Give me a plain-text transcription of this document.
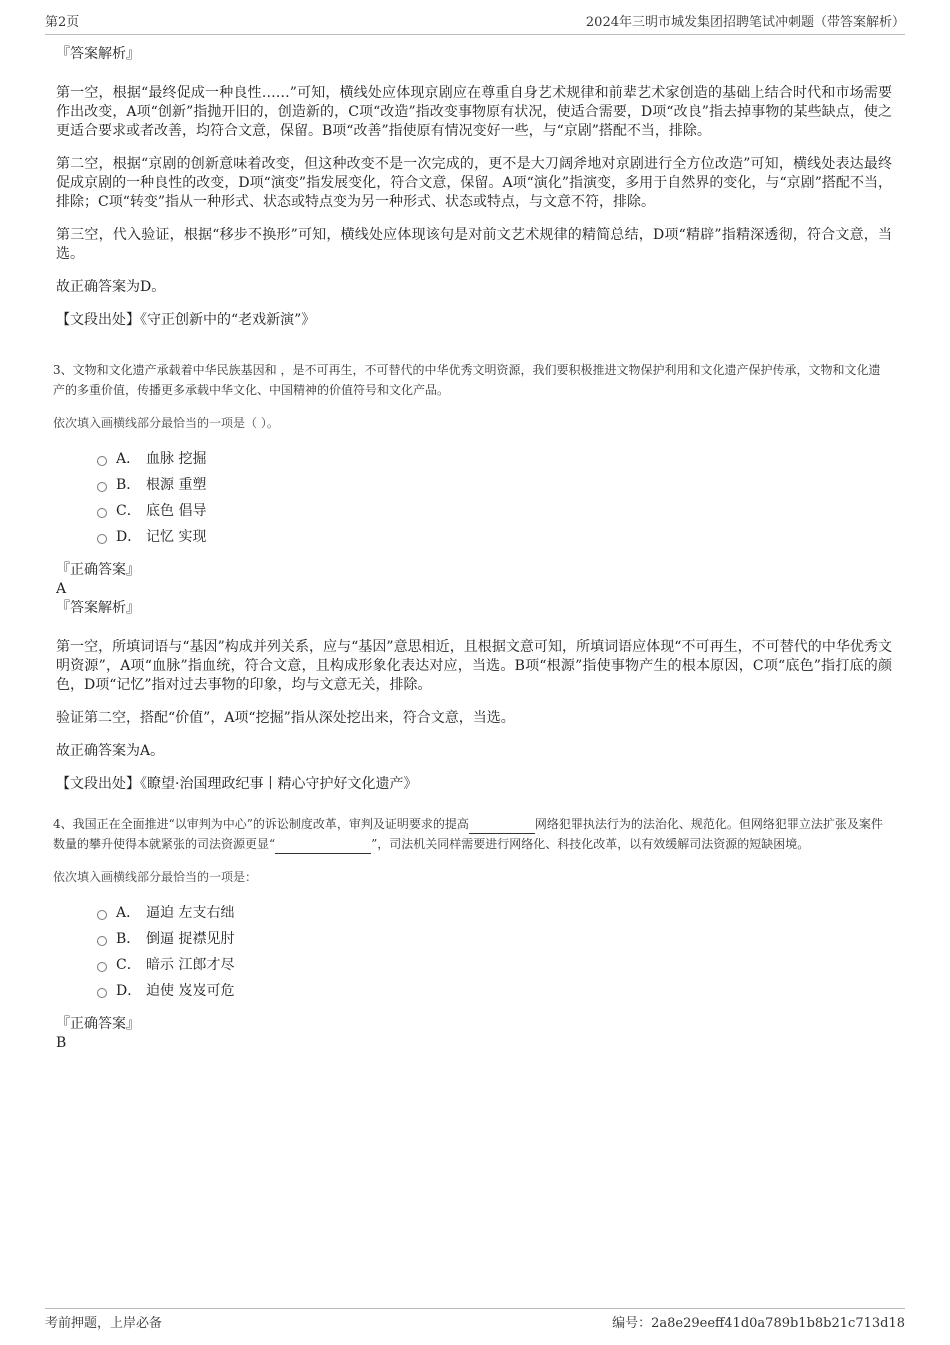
第2页	2024年三明市城发集团招聘笔试冲刺题（带答案解析）

『答案解析』

第一空，根据“最终促成一种良性……”可知，横线处应体现京剧应在尊重自身艺术规律和前辈艺术家创造的基础上结合时代和市场需要作出改变，A项“创新”指抛开旧的，创造新的，C项“改造”指改变事物原有状况，使适合需要，D项“改良”指去掉事物的某些缺点，使之更适合要求或者改善，均符合文意，保留。B项“改善”指使原有情况变好一些，与“京剧”搭配不当，排除。

第二空，根据“京剧的创新意味着改变，但这种改变不是一次完成的，更不是大刀阔斧地对京剧进行全方位改造”可知，横线处表达最终促成京剧的一种良性的改变，D项“演变”指发展变化，符合文意，保留。A项“演化”指演变，多用于自然界的变化，与“京剧”搭配不当，排除；C项“转变”指从一种形式、状态或特点变为另一种形式、状态或特点，与文意不符，排除。

第三空，代入验证，根据“移步不换形”可知，横线处应体现该句是对前文艺术规律的精简总结，D项“精辟”指精深透彻，符合文意，当选。

故正确答案为D。

【文段出处】《守正创新中的“老戏新演”》

3、文物和文化遗产承载着中华民族基因和 ，是不可再生，不可替代的中华优秀文明资源，我们要积极推进文物保护利用和文化遗产保护传承，文物和文化遗产的多重价值，传播更多承载中华文化、中国精神的价值符号和文化产品。

依次填入画横线部分最恰当的一项是（ ）。

A． 血脉 挖掘
B． 根源 重塑
C． 底色 倡导
D． 记忆 实现

『正确答案』

A

『答案解析』

第一空，所填词语与“基因”构成并列关系，应与“基因”意思相近，且根据文意可知，所填词语应体现“不可再生，不可替代的中华优秀文明资源”，A项“血脉”指血统，符合文意，且构成形象化表达对应，当选。B项“根源”指使事物产生的根本原因，C项“底色”指打底的颜色，D项“记忆”指对过去事物的印象，均与文意无关，排除。

验证第二空，搭配“价值”，A项“挖掘”指从深处挖出来，符合文意，当选。

故正确答案为A。

【文段出处】《瞭望·治国理政纪事丨精心守护好文化遗产》

4、我国正在全面推进“以审判为中心”的诉讼制度改革，审判及证明要求的提高	网络犯罪执法行为的法治化、规范化。但网络犯罪立法扩张及案件数量的攀升使得本就紧张的司法资源更显“	”，司法机关同样需要进行网络化、科技化改革，以有效缓解司法资源的短缺困境。

依次填入画横线部分最恰当的一项是：

A． 逼迫 左支右绌
B． 倒逼 捉襟见肘
C． 暗示 江郎才尽
D． 迫使 岌岌可危

『正确答案』

B

考前押题，上岸必备	编号：2a8e29eeff41d0a789b1b8b21c713d18
